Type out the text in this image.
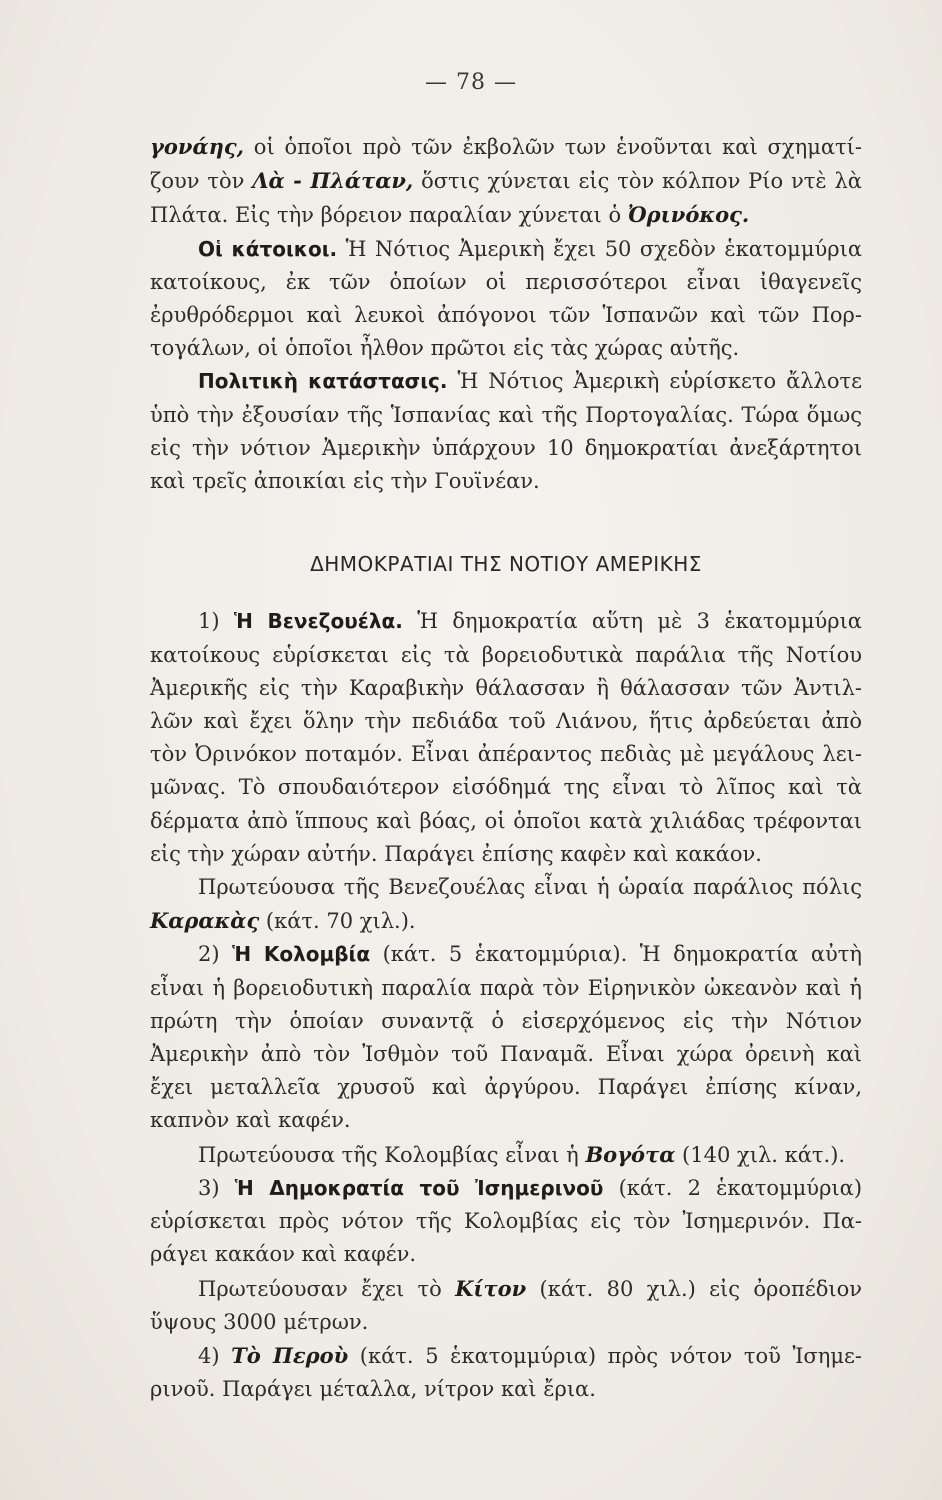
— 78 —

γονάης, οἱ ὁποῖοι πρὸ τῶν ἐκβολῶν των ἑνοῦνται καὶ σχηματίζουν τὸν Λὰ - Πλάταν, ὅστις χύνεται εἰς τὸν κόλπον Ρίο ντὲ λὰ Πλάτα. Εἰς τὴν βόρειον παραλίαν χύνεται ὁ Ὀρινόκος.

Οἱ κάτοικοι. Ἡ Νότιος Ἀμερικὴ ἔχει 50 σχεδὸν ἑκατομμύρια κατοίκους, ἐκ τῶν ὁποίων οἱ περισσότεροι εἶναι ἰθαγενεῖς ἐρυθρόδερμοι καὶ λευκοὶ ἀπόγονοι τῶν Ἱσπανῶν καὶ τῶν Πορτογάλων, οἱ ὁποῖοι ἦλθον πρῶτοι εἰς τὰς χώρας αὐτῆς.

Πολιτικὴ κατάστασις. Ἡ Νότιος Ἀμερικὴ εὑρίσκετο ἄλλοτε ὑπὸ τὴν ἐξουσίαν τῆς Ἱσπανίας καὶ τῆς Πορτογαλίας. Τώρα ὅμως εἰς τὴν νότιον Ἀμερικὴν ὑπάρχουν 10 δημοκρατίαι ἀνεξάρτητοι καὶ τρεῖς ἀποικίαι εἰς τὴν Γουϊνέαν.

ΔΗΜΟΚΡΑΤΙΑΙ ΤΗΣ ΝΟΤΙΟΥ ΑΜΕΡΙΚΗΣ

1) Ἡ Βενεζουέλα. Ἡ δημοκρατία αὕτη μὲ 3 ἑκατομμύρια κατοίκους εὑρίσκεται εἰς τὰ βορειοδυτικὰ παράλια τῆς Νοτίου Ἀμερικῆς εἰς τὴν Καραβικὴν θάλασσαν ἢ θάλασσαν τῶν Ἀντιλλῶν καὶ ἔχει ὅλην τὴν πεδιάδα τοῦ Λιάνου, ἥτις ἀρδεύεται ἀπὸ τὸν Ὀρινόκον ποταμόν. Εἶναι ἀπέραντος πεδιὰς μὲ μεγάλους λειμῶνας. Τὸ σπουδαιότερον εἰσόδημά της εἶναι τὸ λῖπος καὶ τὰ δέρματα ἀπὸ ἵππους καὶ βόας, οἱ ὁποῖοι κατὰ χιλιάδας τρέφονται εἰς τὴν χώραν αὐτήν. Παράγει ἐπίσης καφὲν καὶ κακάον.

Πρωτεύουσα τῆς Βενεζουέλας εἶναι ἡ ὡραία παράλιος πόλις Καρακὰς (κάτ. 70 χιλ.).

2) Ἡ Κολομβία (κάτ. 5 ἑκατομμύρια). Ἡ δημοκρατία αὐτὴ εἶναι ἡ βορειοδυτικὴ παραλία παρὰ τὸν Εἰρηνικὸν ὠκεανὸν καὶ ἡ πρώτη τὴν ὁποίαν συναντᾷ ὁ εἰσερχόμενος εἰς τὴν Νότιον Ἀμερικὴν ἀπὸ τὸν Ἰσθμὸν τοῦ Παναμᾶ. Εἶναι χώρα ὀρεινὴ καὶ ἔχει μεταλλεῖα χρυσοῦ καὶ ἀργύρου. Παράγει ἐπίσης κίναν, καπνὸν καὶ καφέν.

Πρωτεύουσα τῆς Κολομβίας εἶναι ἡ Βογότα (140 χιλ. κάτ.).

3) Ἡ Δημοκρατία τοῦ Ἰσημερινοῦ (κάτ. 2 ἑκατομμύρια) εὑρίσκεται πρὸς νότον τῆς Κολομβίας εἰς τὸν Ἰσημερινόν. Παράγει κακάον καὶ καφέν.

Πρωτεύουσαν ἔχει τὸ Κίτον (κάτ. 80 χιλ.) εἰς ὀροπέδιον ὕψους 3000 μέτρων.

4) Τὸ Περοὺ (κάτ. 5 ἑκατομμύρια) πρὸς νότον τοῦ Ἰσημερινοῦ. Παράγει μέταλλα, νίτρον καὶ ἔρια.
